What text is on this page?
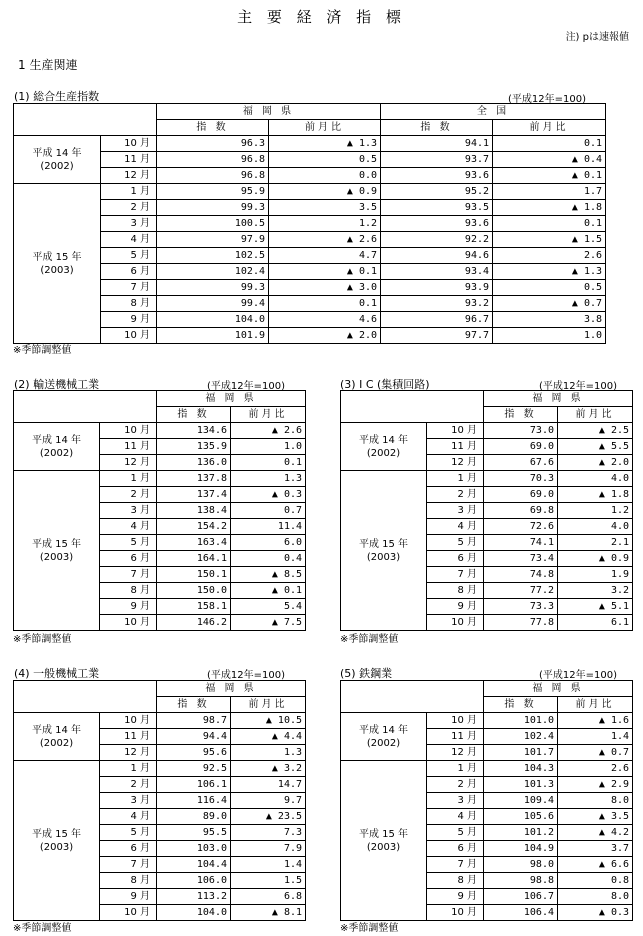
主 要 経 済 指 標
注) pは速報値
1 生産関連
(1) 総合生産指数	(平成12年=100)
		福 岡 県		全 国	
		指 数	前月比	指 数	前月比

平成 14 年
(2002)	10 月	96.3	▲ 1.3	94.1	0.1
	11 月	96.8	0.5	93.7	▲ 0.4
	12 月	96.8	0.0	93.6	▲ 0.1

平成 15 年
(2003)	1 月	95.9	▲ 0.9	95.2	1.7
	2 月	99.3	3.5	93.5	▲ 1.8
	3 月	100.5	1.2	93.6	0.1
	4 月	97.9	▲ 2.6	92.2	▲ 1.5
	5 月	102.5	4.7	94.6	2.6
	6 月	102.4	▲ 0.1	93.4	▲ 1.3
	7 月	99.3	▲ 3.0	93.9	0.5
	8 月	99.4	0.1	93.2	▲ 0.7
	9 月	104.0	4.6	96.7	3.8
	10 月	101.9	▲ 2.0	97.7	1.0
※季節調整値
(2) 輸送機械工業	(平成12年=100)
		福 岡 県	
		指 数	前月比

平成 14 年
(2002)	10 月	134.6	▲ 2.6
	11 月	135.9	1.0
	12 月	136.0	0.1

平成 15 年
(2003)	1 月	137.8	1.3
	2 月	137.4	▲ 0.3
	3 月	138.4	0.7
	4 月	154.2	11.4
	5 月	163.4	6.0
	6 月	164.1	0.4
	7 月	150.1	▲ 8.5
	8 月	150.0	▲ 0.1
	9 月	158.1	5.4
	10 月	146.2	▲ 7.5
※季節調整値
(3) I C (集積回路)	(平成12年=100)
		福 岡 県	
		指 数	前月比

平成 14 年
(2002)	10 月	73.0	▲ 2.5
	11 月	69.0	▲ 5.5
	12 月	67.6	▲ 2.0

平成 15 年
(2003)	1 月	70.3	4.0
	2 月	69.0	▲ 1.8
	3 月	69.8	1.2
	4 月	72.6	4.0
	5 月	74.1	2.1
	6 月	73.4	▲ 0.9
	7 月	74.8	1.9
	8 月	77.2	3.2
	9 月	73.3	▲ 5.1
	10 月	77.8	6.1
※季節調整値
(4) 一般機械工業	(平成12年=100)
		福 岡 県	
		指 数	前月比

平成 14 年
(2002)	10 月	98.7	▲ 10.5
	11 月	94.4	▲ 4.4
	12 月	95.6	1.3

平成 15 年
(2003)	1 月	92.5	▲ 3.2
	2 月	106.1	14.7
	3 月	116.4	9.7
	4 月	89.0	▲ 23.5
	5 月	95.5	7.3
	6 月	103.0	7.9
	7 月	104.4	1.4
	8 月	106.0	1.5
	9 月	113.2	6.8
	10 月	104.0	▲ 8.1
※季節調整値
(5) 鉄鋼業	(平成12年=100)
		福 岡 県	
		指 数	前月比

平成 14 年
(2002)	10 月	101.0	▲ 1.6
	11 月	102.4	1.4
	12 月	101.7	▲ 0.7

平成 15 年
(2003)	1 月	104.3	2.6
	2 月	101.3	▲ 2.9
	3 月	109.4	8.0
	4 月	105.6	▲ 3.5
	5 月	101.2	▲ 4.2
	6 月	104.9	3.7
	7 月	98.0	▲ 6.6
	8 月	98.8	0.8
	9 月	106.7	8.0
	10 月	106.4	▲ 0.3
※季節調整値
